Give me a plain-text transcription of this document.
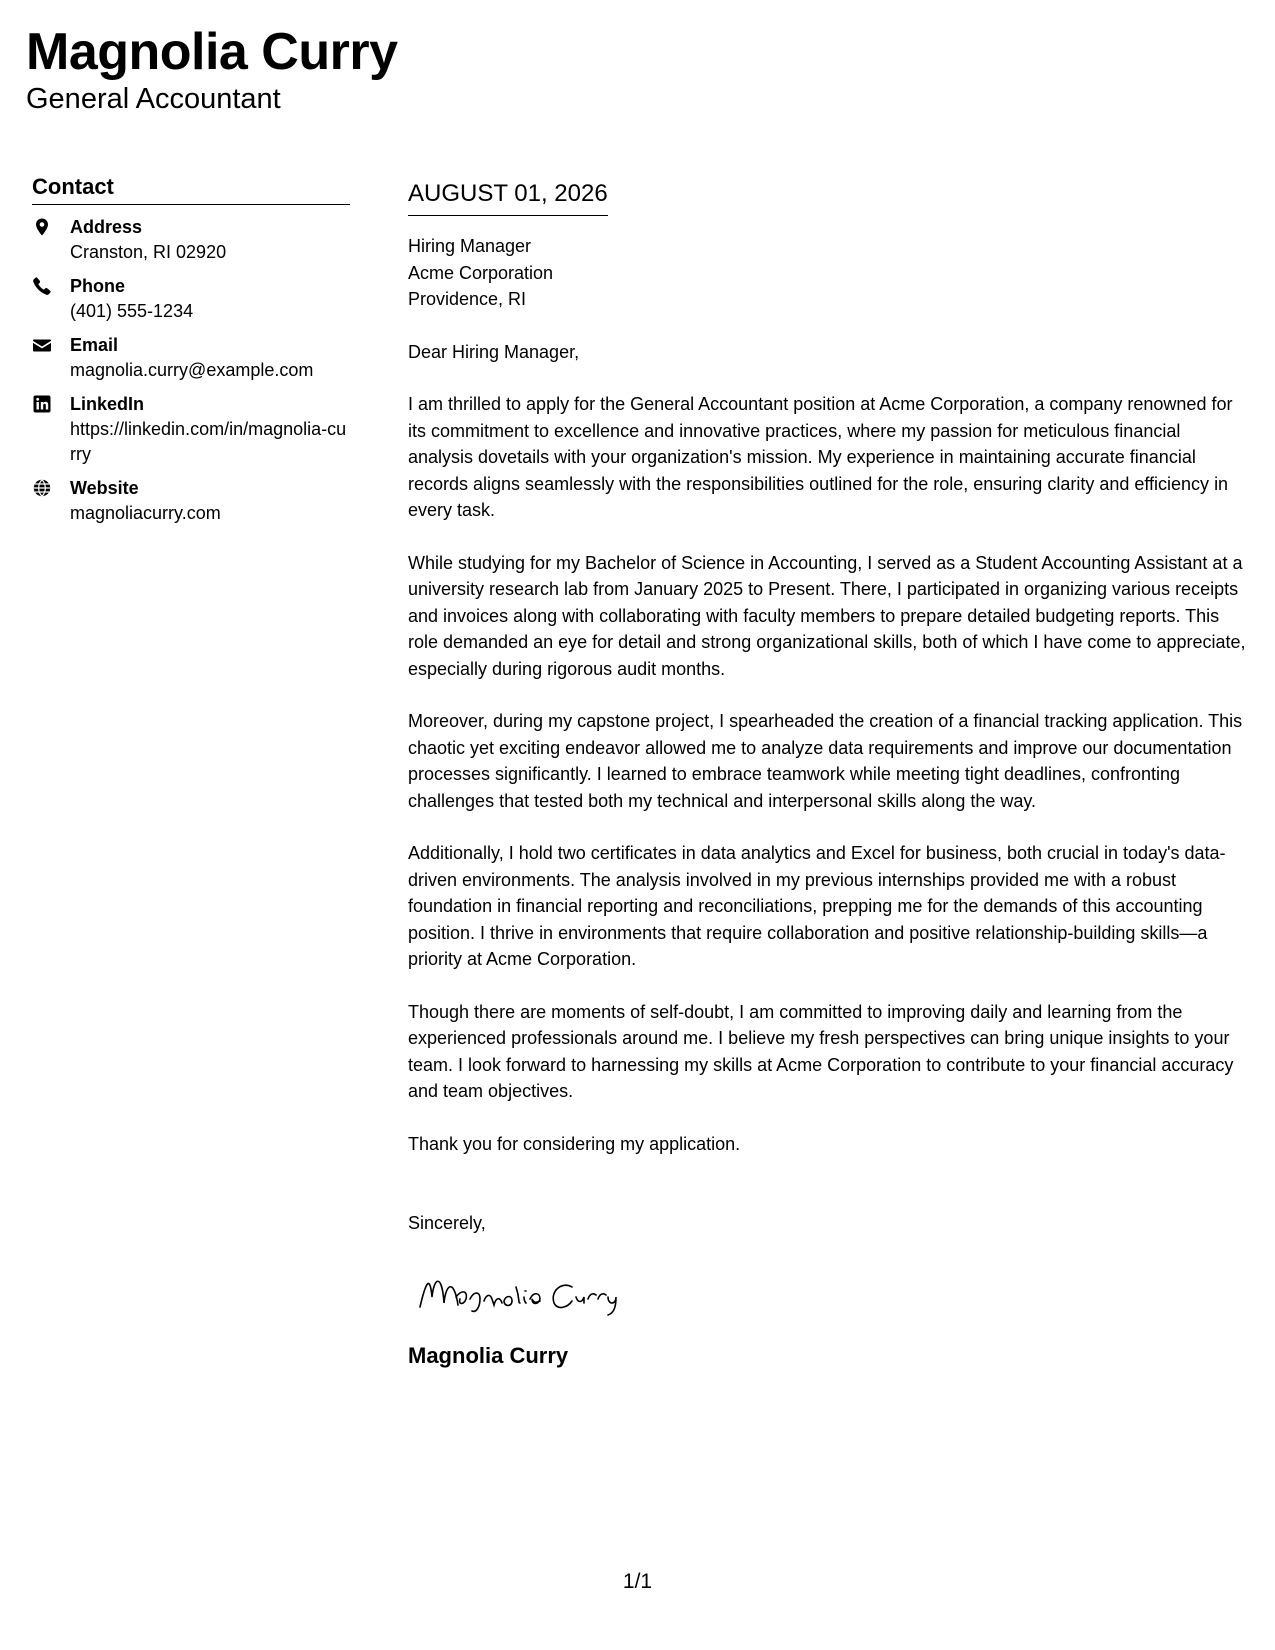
Magnolia Curry

General Accountant

Contact
Address
Cranston, RI 02920
Phone
(401) 555-1234
Email
magnolia.curry@example.com
LinkedIn
https://linkedin.com/in/magnolia-curry
Website
magnoliacurry.com
AUGUST 01, 2026
Hiring Manager
Acme Corporation
Providence, RI
Dear Hiring Manager,

I am thrilled to apply for the General Accountant position at Acme Corporation, a company renowned for its commitment to excellence and innovative practices, where my passion for meticulous financial analysis dovetails with your organization's mission. My experience in maintaining accurate financial records aligns seamlessly with the responsibilities outlined for the role, ensuring clarity and efficiency in every task.

While studying for my Bachelor of Science in Accounting, I served as a Student Accounting Assistant at a university research lab from January 2025 to Present. There, I participated in organizing various receipts and invoices along with collaborating with faculty members to prepare detailed budgeting reports. This role demanded an eye for detail and strong organizational skills, both of which I have come to appreciate, especially during rigorous audit months.

Moreover, during my capstone project, I spearheaded the creation of a financial tracking application. This chaotic yet exciting endeavor allowed me to analyze data requirements and improve our documentation processes significantly. I learned to embrace teamwork while meeting tight deadlines, confronting challenges that tested both my technical and interpersonal skills along the way.

Additionally, I hold two certificates in data analytics and Excel for business, both crucial in today's data-driven environments. The analysis involved in my previous internships provided me with a robust foundation in financial reporting and reconciliations, prepping me for the demands of this accounting position. I thrive in environments that require collaboration and positive relationship-building skills—a priority at Acme Corporation.

Though there are moments of self-doubt, I am committed to improving daily and learning from the experienced professionals around me. I believe my fresh perspectives can bring unique insights to your team. I look forward to harnessing my skills at Acme Corporation to contribute to your financial accuracy and team objectives.

Thank you for considering my application.

Sincerely,
Magnolia Curry
1/1
